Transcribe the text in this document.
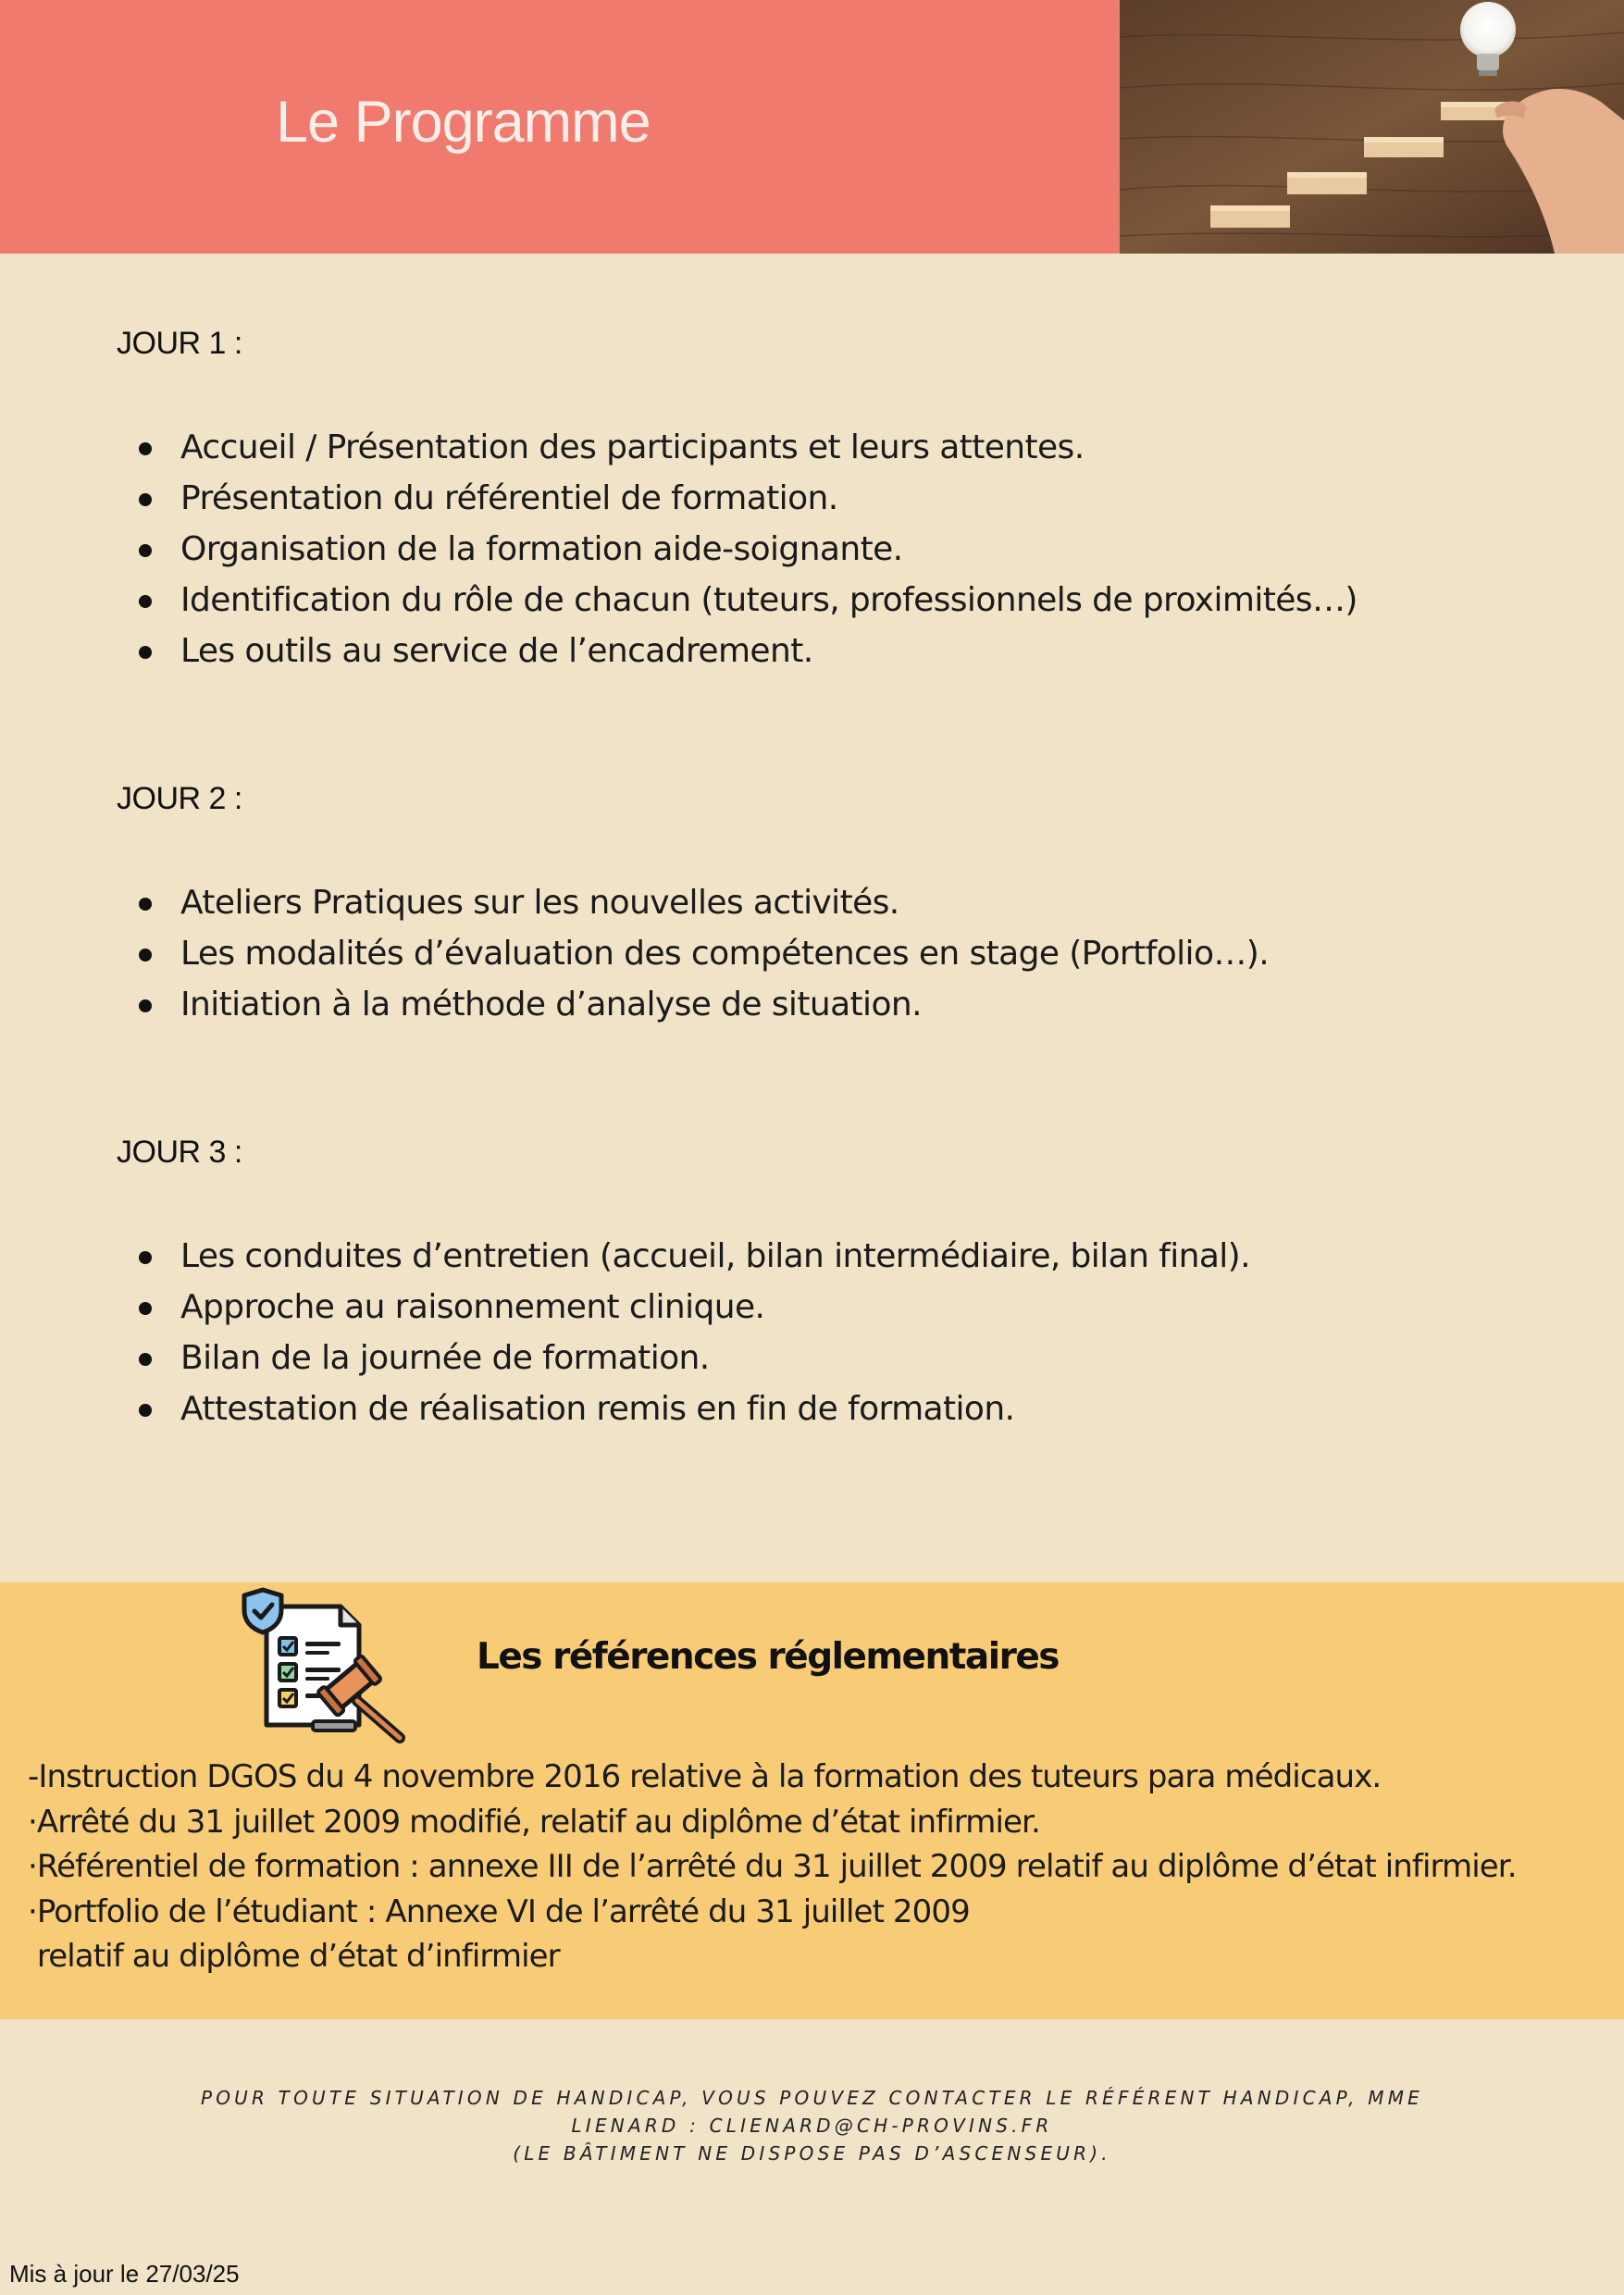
Le Programme
JOUR 1 :
Accueil / Présentation des participants et leurs attentes.
Présentation du référentiel de formation.
Organisation de la formation aide-soignante.
Identification du rôle de chacun (tuteurs, professionnels de proximités…)
Les outils au service de l’encadrement.
JOUR 2 :
Ateliers Pratiques sur les nouvelles activités.
Les modalités d’évaluation des compétences en stage (Portfolio…).
Initiation à la méthode d’analyse de situation.
JOUR 3 :
Les conduites d’entretien (accueil, bilan intermédiaire, bilan final).
Approche au raisonnement clinique.
Bilan de la journée de formation.
Attestation de réalisation remis en fin de formation.
Les références réglementaires
-Instruction DGOS du 4 novembre 2016 relative à la formation des tuteurs para médicaux.
·Arrêté du 31 juillet 2009 modifié, relatif au diplôme d’état infirmier.
·Référentiel de formation : annexe III de l’arrêté du 31 juillet 2009 relatif au diplôme d’état infirmier.
·Portfolio de l’étudiant : Annexe VI de l’arrêté du 31 juillet 2009
relatif au diplôme d’état d’infirmier
POUR TOUTE SITUATION DE HANDICAP, VOUS POUVEZ CONTACTER LE RÉFÉRENT HANDICAP, MME
LIENARD : CLIENARD@CH-PROVINS.FR
(LE BÂTIMENT NE DISPOSE PAS D’ASCENSEUR).
Mis à jour le 27/03/25
